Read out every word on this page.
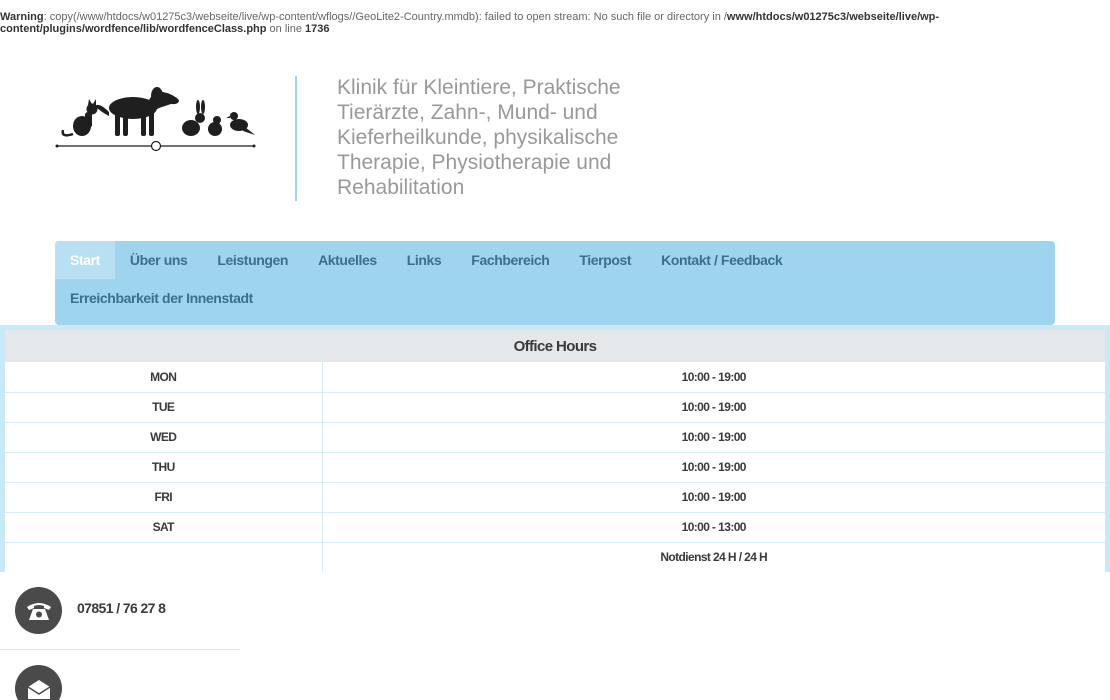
Warning: copy(/www/htdocs/w01275c3/webseite/live/wp-content/wflogs//GeoLite2-Country.mmdb): failed to open stream: No such file or directory in /www/htdocs/w01275c3/webseite/live/wp-content/plugins/wordfence/lib/wordfenceClass.php on line 1736
Klinik für Kleintiere, Praktische Tierärzte, Zahn-, Mund- und Kieferheilkunde, physikalische Therapie, Physiotherapie und Rehabilitation
Start	Über uns	Leistungen	Aktuelles	Links	Fachbereich	Tierpost	Kontakt / Feedback
Erreichbarkeit der Innenstadt
Office Hours	
MON	10:00 - 19:00
TUE	10:00 - 19:00
WED	10:00 - 19:00
THU	10:00 - 19:00
FRI	10:00 - 19:00
SAT	10:00 - 13:00
	Notdienst 24 H / 24 H
07851 / 76 27 8
